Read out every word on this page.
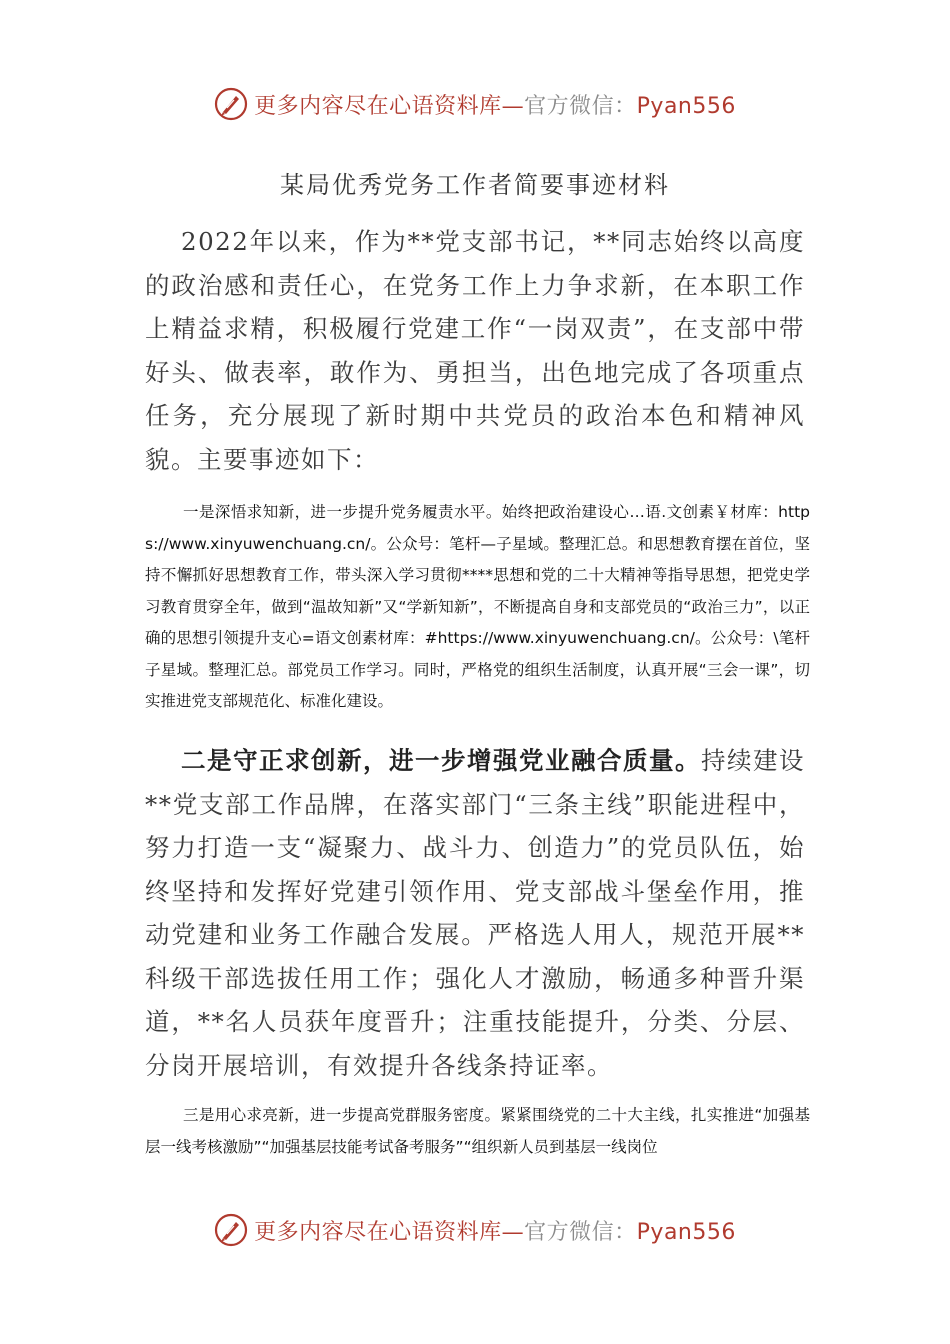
更多内容尽在心语资料库—官方微信：Pyan556
某局优秀党务工作者简要事迹材料

2022年以来，作为**党支部书记，**同志始终以高度的政治感和责任心，在党务工作上力争求新，在本职工作上精益求精，积极履行党建工作“一岗双责”，在支部中带好头、做表率，敢作为、勇担当，出色地完成了各项重点任务，充分展现了新时期中共党员的政治本色和精神风貌。主要事迹如下：

一是深悟求知新，进一步提升党务履责水平。始终把政治建设心…语.文创素￥材库：https://www.xinyuwenchuang.cn/。公众号：笔杆—子星域。整理汇总。和思想教育摆在首位，坚持不懈抓好思想教育工作，带头深入学习贯彻****思想和党的二十大精神等指导思想，把党史学习教育贯穿全年，做到“温故知新”又“学新知新”，不断提高自身和支部党员的“政治三力”，以正确的思想引领提升支心=语文创素材库：#https://www.xinyuwenchuang.cn/。公众号：\笔杆子星域。整理汇总。部党员工作学习。同时，严格党的组织生活制度，认真开展“三会一课”，切实推进党支部规范化、标准化建设。

二是守正求创新，进一步增强党业融合质量。持续建设**党支部工作品牌，在落实部门“三条主线”职能进程中，努力打造一支“凝聚力、战斗力、创造力”的党员队伍，始终坚持和发挥好党建引领作用、党支部战斗堡垒作用，推动党建和业务工作融合发展。严格选人用人，规范开展**科级干部选拔任用工作；强化人才激励，畅通多种晋升渠道，**名人员获年度晋升；注重技能提升，分类、分层、分岗开展培训，有效提升各线条持证率。

三是用心求亮新，进一步提高党群服务密度。紧紧围绕党的二十大主线，扎实推进“加强基层一线考核激励”“加强基层技能考试备考服务”“组织新人员到基层一线岗位

更多内容尽在心语资料库—官方微信：Pyan556
